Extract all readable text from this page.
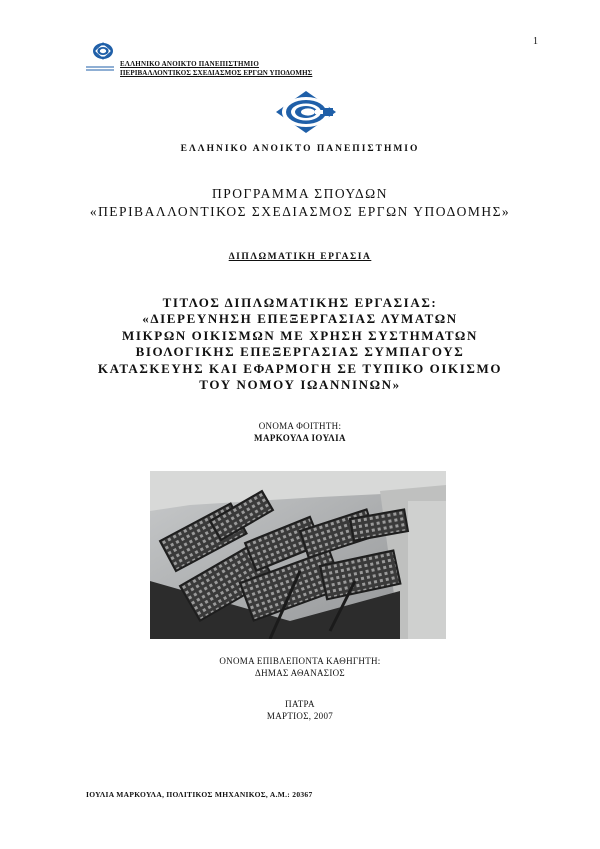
1
ΕΛΛΗΝΙΚΟ ΑΝΟΙΚΤΟ ΠΑΝΕΠΙΣΤΗΜΙΟ
ΠΕΡΙΒΑΛΛΟΝΤΙΚΟΣ ΣΧΕΔΙΑΣΜΟΣ ΕΡΓΩΝ ΥΠΟΔΟΜΗΣ
ΕΛΛΗΝΙΚΟ ΑΝΟΙΚΤΟ ΠΑΝΕΠΙΣΤΗΜΙΟ
ΠΡΟΓΡΑΜΜΑ ΣΠΟΥΔΩΝ
«ΠΕΡΙΒΑΛΛΟΝΤΙΚΟΣ ΣΧΕΔΙΑΣΜΟΣ ΕΡΓΩΝ ΥΠΟΔΟΜΗΣ»
ΔΙΠΛΩΜΑΤΙΚΗ ΕΡΓΑΣΙΑ
ΤΙΤΛΟΣ ΔΙΠΛΩΜΑΤΙΚΗΣ ΕΡΓΑΣΙΑΣ:
«ΔΙΕΡΕΥΝΗΣΗ ΕΠΕΞΕΡΓΑΣΙΑΣ ΛΥΜΑΤΩΝ
ΜΙΚΡΩΝ ΟΙΚΙΣΜΩΝ ΜΕ ΧΡΗΣΗ ΣΥΣΤΗΜΑΤΩΝ
ΒΙΟΛΟΓΙΚΗΣ ΕΠΕΞΕΡΓΑΣΙΑΣ ΣΥΜΠΑΓΟΥΣ
ΚΑΤΑΣΚΕΥΗΣ ΚΑΙ ΕΦΑΡΜΟΓΗ ΣΕ ΤΥΠΙΚΟ ΟΙΚΙΣΜΟ
ΤΟΥ ΝΟΜΟΥ ΙΩΑΝΝΙΝΩΝ»
ΟΝΟΜΑ ΦΟΙΤΗΤΗ:
ΜΑΡΚΟΥΛΑ ΙΟΥΛΙΑ
ΟΝΟΜΑ ΕΠΙΒΛΕΠΟΝΤΑ ΚΑΘΗΓΗΤΗ:
ΔΗΜΑΣ ΑΘΑΝΑΣΙΟΣ
ΠΑΤΡΑ
ΜΑΡΤΙΟΣ, 2007
ΙΟΥΛΙΑ ΜΑΡΚΟΥΛΑ, ΠΟΛΙΤΙΚΟΣ ΜΗΧΑΝΙΚΟΣ, Α.Μ.: 20367
